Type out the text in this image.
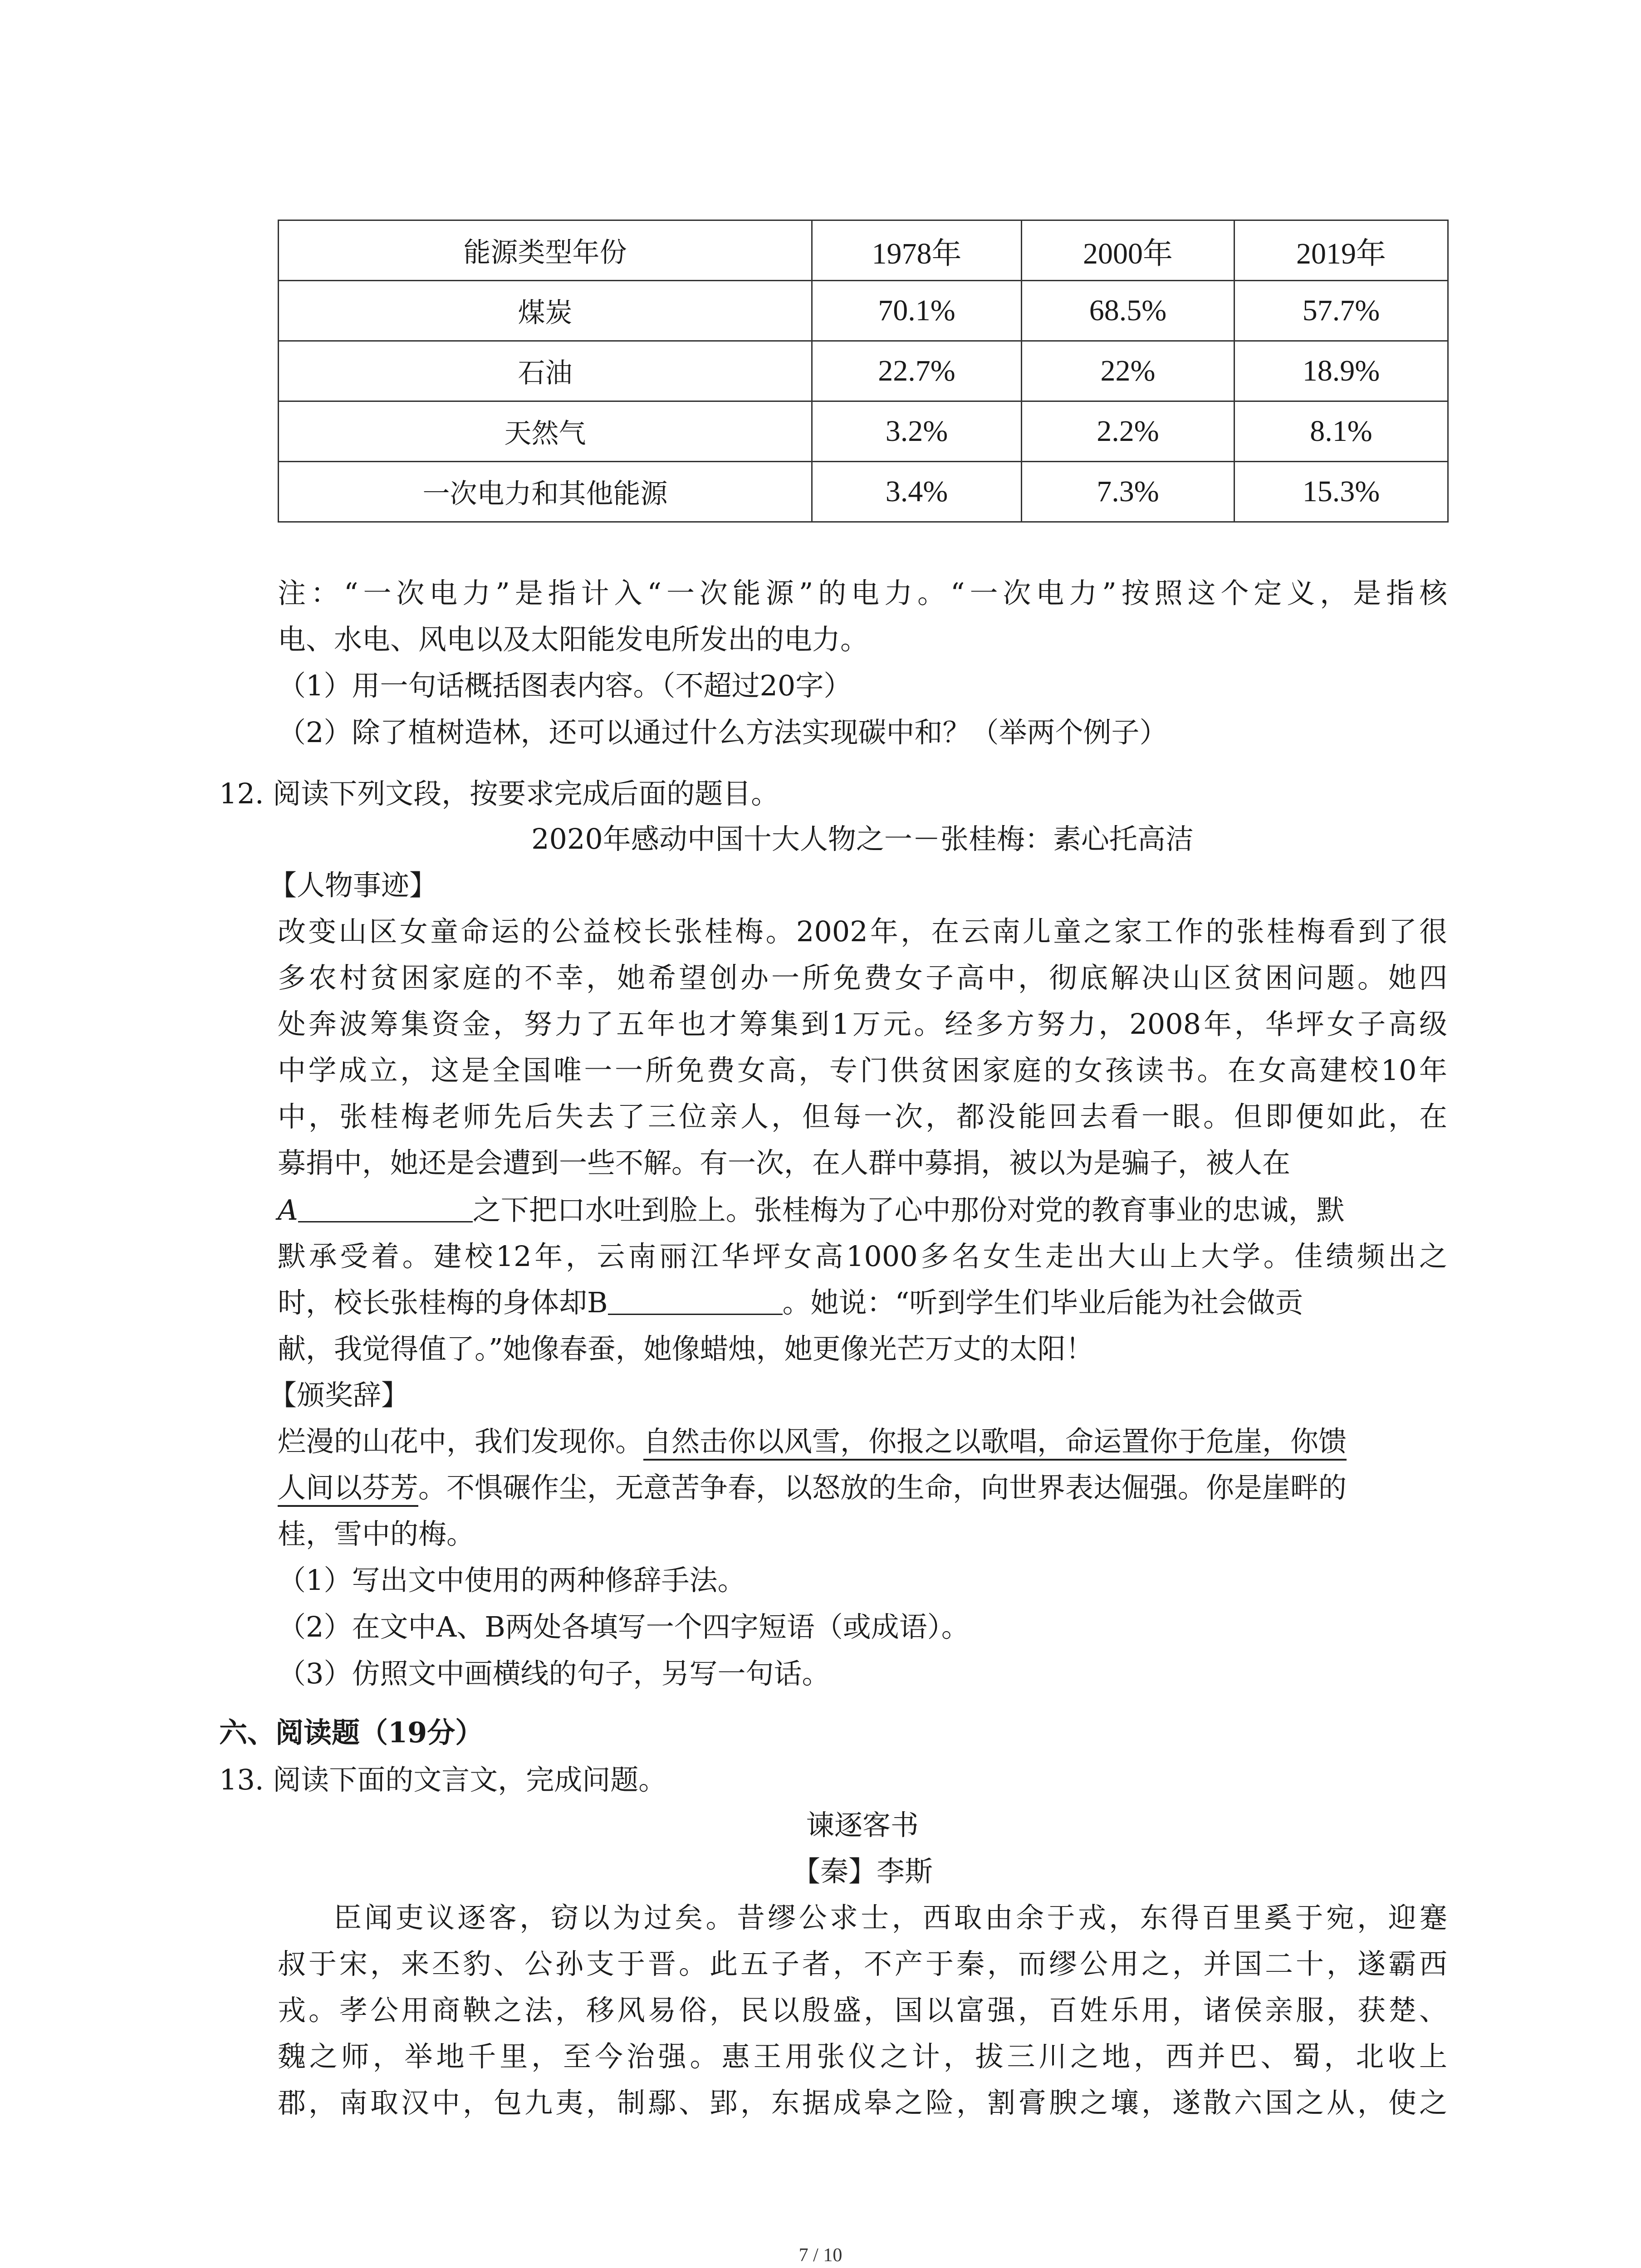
能源类型年份	1978年	2000年	2019年
煤炭	70.1%	68.5%	57.7%
石油	22.7%	22%	18.9%
天然气	3.2%	2.2%	8.1%
一次电力和其他能源	3.4%	7.3%	15.3%
注：“一次电力”是指计入“一次能源”的电力。“一次电力”按照这个定义，是指核
电、水电、风电以及太阳能发电所发出的电力。
（1）用一句话概括图表内容。（不超过20字）
（2）除了植树造林，还可以通过什么方法实现碳中和？（举两个例子）
12. 阅读下列文段，按要求完成后面的题目。
2020年感动中国十大人物之一－张桂梅：素心托高洁
【人物事迹】
改变山区女童命运的公益校长张桂梅。2002年，在云南儿童之家工作的张桂梅看到了很
多农村贫困家庭的不幸，她希望创办一所免费女子高中，彻底解决山区贫困问题。她四
处奔波筹集资金，努力了五年也才筹集到1万元。经多方努力，2008年，华坪女子高级
中学成立，这是全国唯一一所免费女高，专门供贫困家庭的女孩读书。在女高建校10年
中，张桂梅老师先后失去了三位亲人，但每一次，都没能回去看一眼。但即便如此，在
募捐中，她还是会遭到一些不解。有一次，在人群中募捐，被以为是骗子，被人在
A	之下把口水吐到脸上。张桂梅为了心中那份对党的教育事业的忠诚，默
默承受着。建校12年，云南丽江华坪女高1000多名女生走出大山上大学。佳绩频出之
时，校长张桂梅的身体却B	。她说：“听到学生们毕业后能为社会做贡
献，我觉得值了。”她像春蚕，她像蜡烛，她更像光芒万丈的太阳！
【颁奖辞】
烂漫的山花中，我们发现你。自然击你以风雪，你报之以歌唱，命运置你于危崖，你馈
人间以芬芳。不惧碾作尘，无意苦争春，以怒放的生命，向世界表达倔强。你是崖畔的
桂，雪中的梅。
（1）写出文中使用的两种修辞手法。
（2）在文中A、B两处各填写一个四字短语（或成语）。
（3）仿照文中画横线的句子，另写一句话。
六、阅读题（19分）
13. 阅读下面的文言文，完成问题。
谏逐客书
【秦】李斯
臣闻吏议逐客，窃以为过矣。昔缪公求士，西取由余于戎，东得百里奚于宛，迎蹇
叔于宋，来丕豹、公孙支于晋。此五子者，不产于秦，而缪公用之，并国二十，遂霸西
戎。孝公用商鞅之法，移风易俗，民以殷盛，国以富强，百姓乐用，诸侯亲服，获楚、
魏之师，举地千里，至今治强。惠王用张仪之计，拔三川之地，西并巴、蜀，北收上
郡，南取汉中，包九夷，制鄢、郢，东据成皋之险，割膏腴之壤，遂散六国之从，使之
7 / 10
